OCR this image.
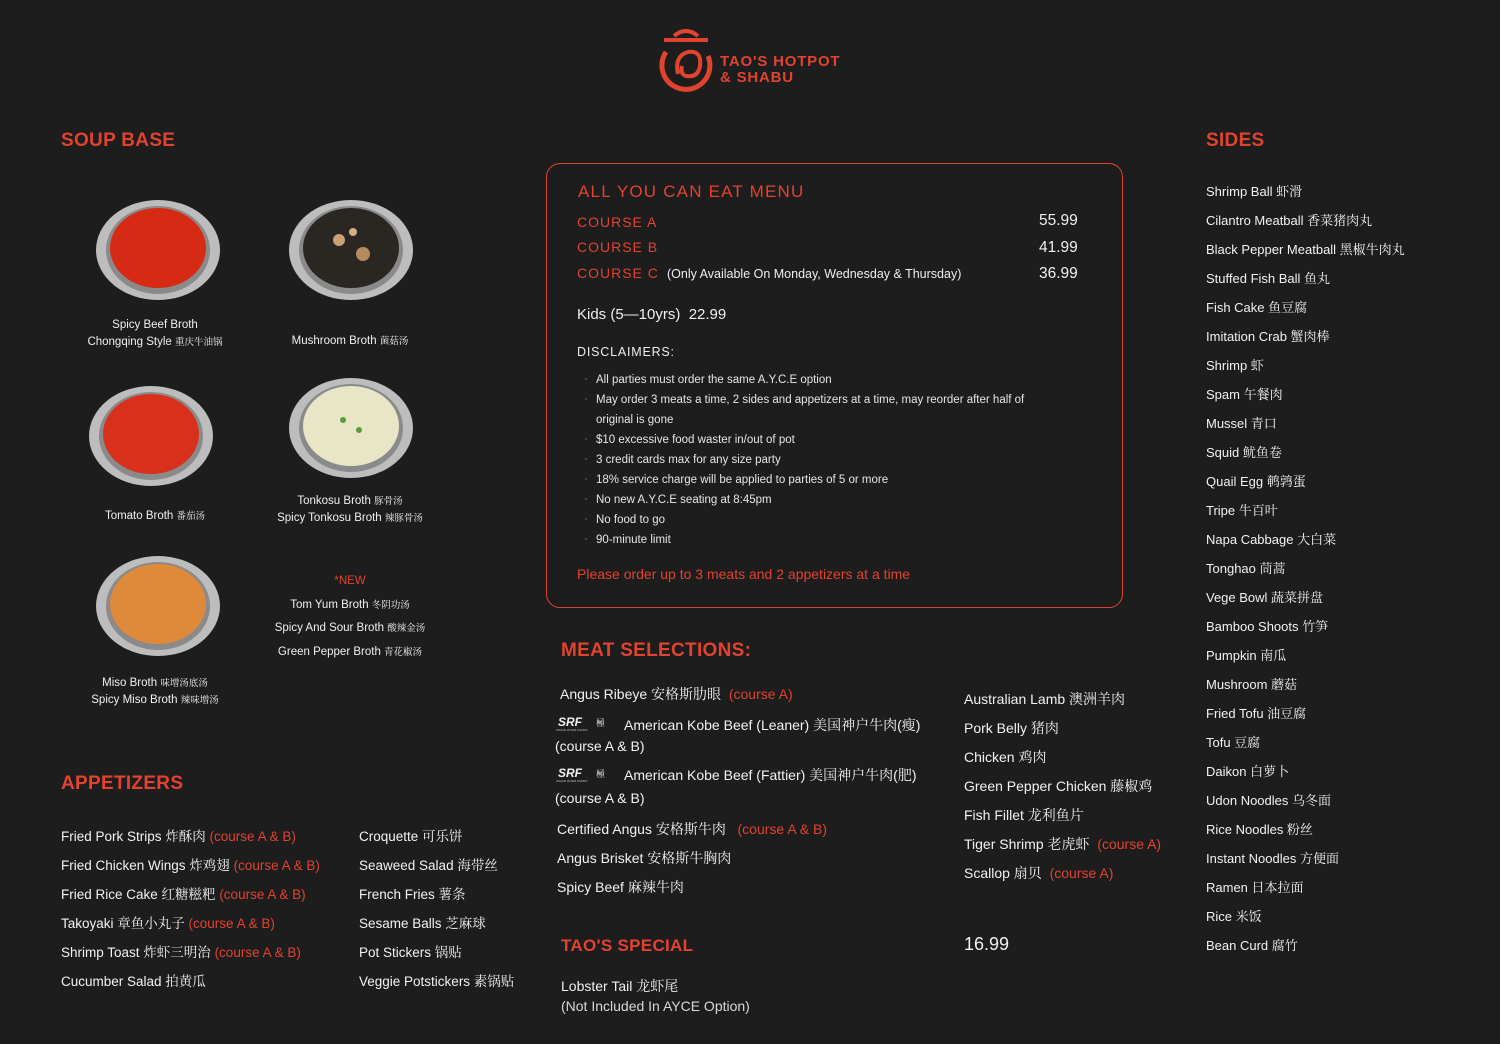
TAO'S HOTPOT
& SHABU
SOUP BASE
Spicy Beef Broth
Chongqing Style 重庆牛油锅	Mushroom Broth 菌菇汤
Tomato Broth 番茄汤
Tonkosu Broth 豚骨汤
Spicy Tonkosu Broth 辣豚骨汤
Miso Broth 味增汤底汤
Spicy Miso Broth 辣味增汤
*NEW
Tom Yum Broth 冬阴功汤
Spicy And Sour Broth 酸辣金汤
Green Pepper Broth 青花椒汤
APPETIZERS
Fried Pork Strips 炸酥肉 (course A & B)
Fried Chicken Wings 炸鸡翅 (course A & B)
Fried Rice Cake 红糖糍粑 (course A & B)
Takoyaki 章鱼小丸子 (course A & B)
Shrimp Toast 炸虾三明治 (course A & B)
Cucumber Salad 拍黄瓜
Croquette 可乐饼
Seaweed Salad 海带丝
French Fries 薯条
Sesame Balls 芝麻球
Pot Stickers 锅贴
Veggie Potstickers 素锅贴
ALL YOU CAN EAT MENU
COURSE A	55.99
COURSE B	41.99
COURSE C (Only Available On Monday, Wednesday & Thursday)	36.99
Kids (5—10yrs) 22.99
DISCLAIMERS:
· All parties must order the same A.Y.C.E option
· May order 3 meats a time, 2 sides and appetizers at a time, may reorder after half of
original is gone
· $10 excessive food waster in/out of pot
· 3 credit cards max for any size party
· 18% service charge will be applied to parties of 5 or more
· No new A.Y.C.E seating at 8:45pm
· No food to go
· 90-minute limit
Please order up to 3 meats and 2 appetizers at a time
MEAT SELECTIONS:
Angus Ribeye 安格斯肋眼 (course A)
SRF 極
SNAKE RIVER FARMS	American Kobe Beef (Leaner) 美国神户牛肉(瘦)
(course A & B)
SRF 極
SNAKE RIVER FARMS	American Kobe Beef (Fattier) 美国神户牛肉(肥)
(course A & B)
Certified Angus 安格斯牛肉 (course A & B)
Angus Brisket 安格斯牛胸肉
Spicy Beef 麻辣牛肉
Australian Lamb 澳洲羊肉
Pork Belly 猪肉
Chicken 鸡肉
Green Pepper Chicken 藤椒鸡
Fish Fillet 龙利鱼片
Tiger Shrimp 老虎虾 (course A)
Scallop 扇贝 (course A)
TAO'S SPECIAL	16.99
Lobster Tail 龙虾尾
(Not Included In AYCE Option)
SIDES
Shrimp Ball 虾滑
Cilantro Meatball 香菜猪肉丸
Black Pepper Meatball 黑椒牛肉丸
Stuffed Fish Ball 鱼丸
Fish Cake 鱼豆腐
Imitation Crab 蟹肉棒
Shrimp 虾
Spam 午餐肉
Mussel 青口
Squid 鱿鱼卷
Quail Egg 鹌鹑蛋
Tripe 牛百叶
Napa Cabbage 大白菜
Tonghao 茼蒿
Vege Bowl 蔬菜拼盘
Bamboo Shoots 竹笋
Pumpkin 南瓜
Mushroom 蘑菇
Fried Tofu 油豆腐
Tofu 豆腐
Daikon 白萝卜
Udon Noodles 乌冬面
Rice Noodles 粉丝
Instant Noodles 方便面
Ramen 日本拉面
Rice 米饭
Bean Curd 腐竹
